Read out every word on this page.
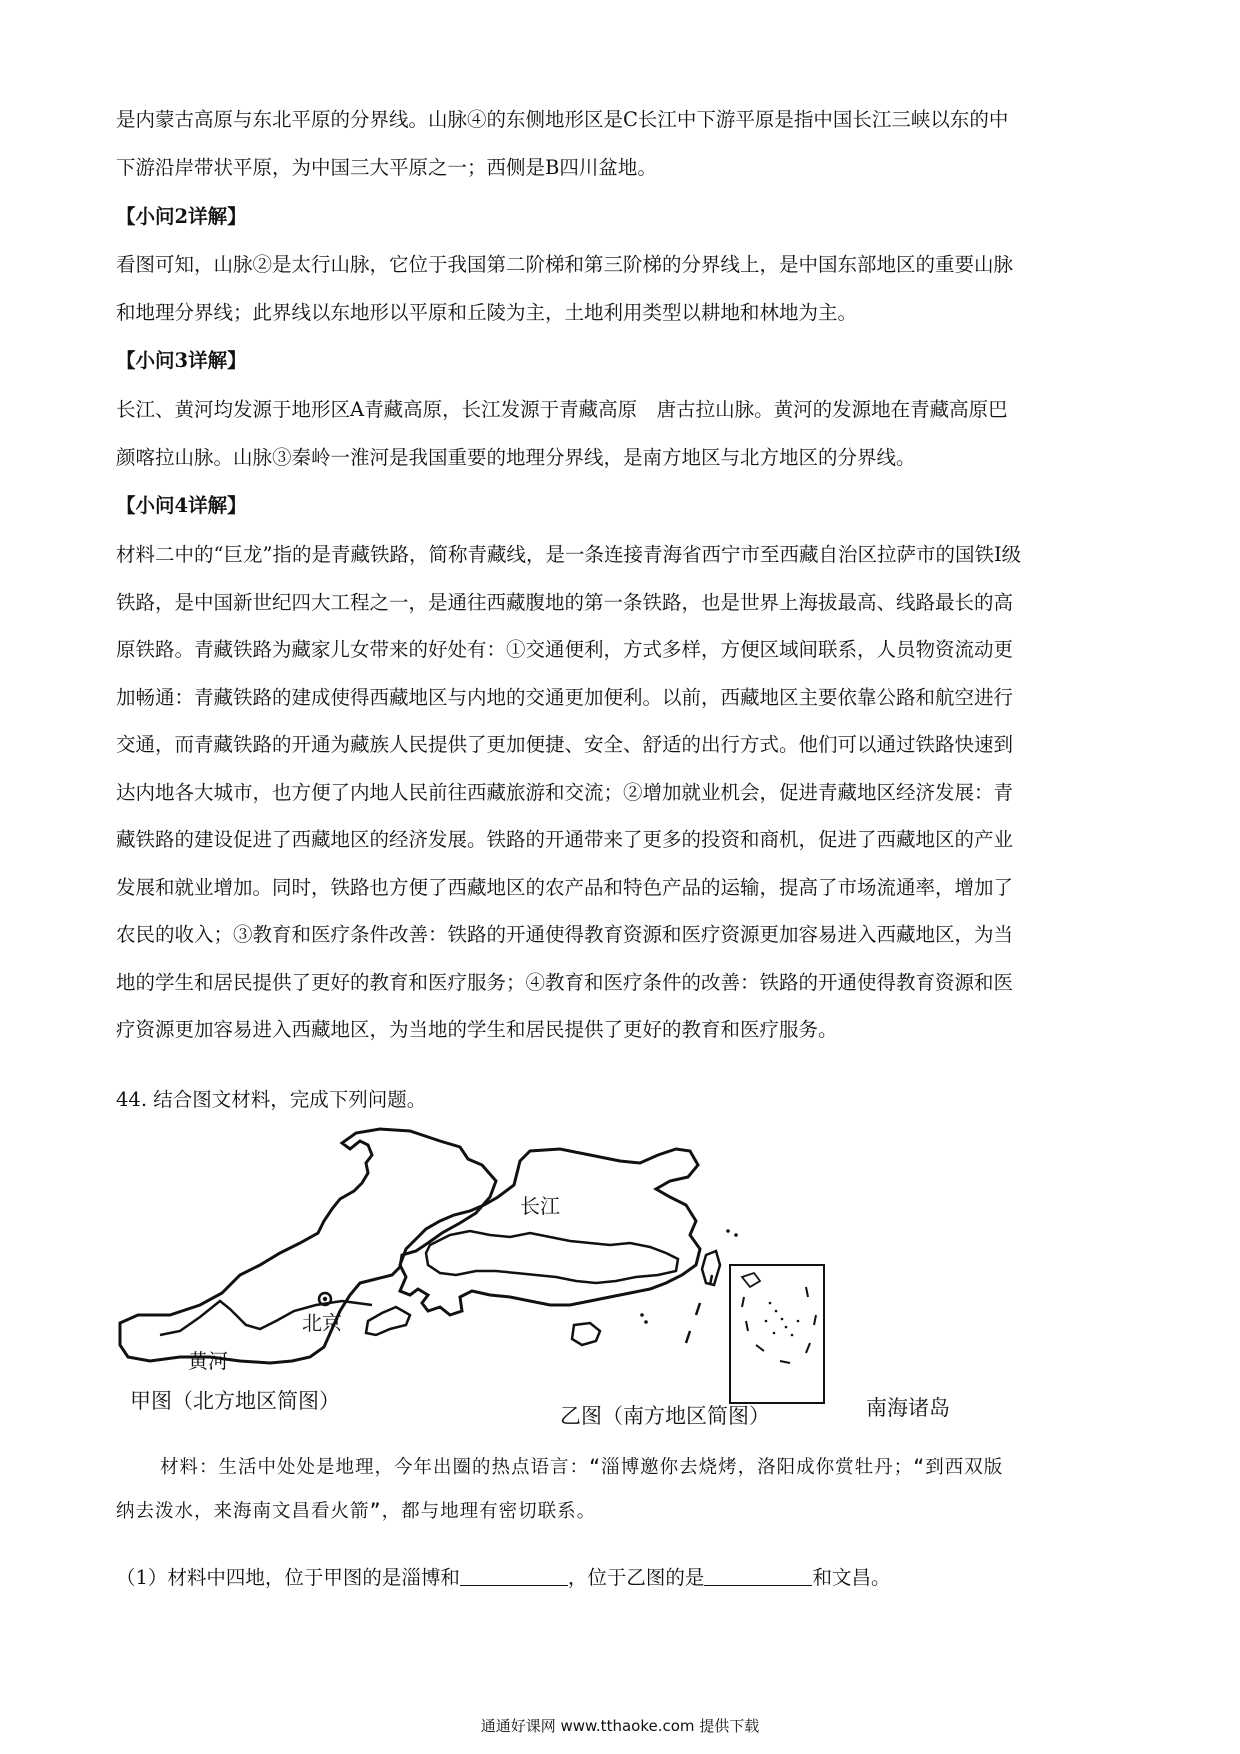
是内蒙古高原与东北平原的分界线。山脉④的东侧地形区是C长江中下游平原是指中国长江三峡以东的中
下游沿岸带状平原，为中国三大平原之一；西侧是B四川盆地。
【小问2详解】
看图可知，山脉②是太行山脉，它位于我国第二阶梯和第三阶梯的分界线上，是中国东部地区的重要山脉
和地理分界线；此界线以东地形以平原和丘陵为主，土地利用类型以耕地和林地为主。
【小问3详解】
长江、黄河均发源于地形区A青藏高原，长江发源于青藏高原　唐古拉山脉。黄河的发源地在青藏高原巴
颜喀拉山脉。山脉③秦岭一淮河是我国重要的地理分界线，是南方地区与北方地区的分界线。
【小问4详解】
材料二中的“巨龙”指的是青藏铁路，简称青藏线，是一条连接青海省西宁市至西藏自治区拉萨市的国铁I级
铁路，是中国新世纪四大工程之一，是通往西藏腹地的第一条铁路，也是世界上海拔最高、线路最长的高
原铁路。青藏铁路为藏家儿女带来的好处有：①交通便利，方式多样，方便区域间联系，人员物资流动更
加畅通：青藏铁路的建成使得西藏地区与内地的交通更加便利。以前，西藏地区主要依靠公路和航空进行
交通，而青藏铁路的开通为藏族人民提供了更加便捷、安全、舒适的出行方式。他们可以通过铁路快速到
达内地各大城市，也方便了内地人民前往西藏旅游和交流；②增加就业机会，促进青藏地区经济发展：青
藏铁路的建设促进了西藏地区的经济发展。铁路的开通带来了更多的投资和商机，促进了西藏地区的产业
发展和就业增加。同时，铁路也方便了西藏地区的农产品和特色产品的运输，提高了市场流通率，增加了
农民的收入；③教育和医疗条件改善：铁路的开通使得教育资源和医疗资源更加容易进入西藏地区，为当
地的学生和居民提供了更好的教育和医疗服务；④教育和医疗条件的改善：铁路的开通使得教育资源和医
疗资源更加容易进入西藏地区，为当地的学生和居民提供了更好的教育和医疗服务。
44. 结合图文材料，完成下列问题。
北京
黄河
长江
甲图（北方地区简图）
乙图（南方地区简图）	南海诸岛
材料：生活中处处是地理，今年出圈的热点语言：“淄博邀你去烧烤，洛阳成你赏牡丹；“到西双版
纳去泼水，来海南文昌看火箭”，都与地理有密切联系。
（1）材料中四地，位于甲图的是淄博和	，位于乙图的是	和文昌。
通通好课网 www.tthaoke.com 提供下载
